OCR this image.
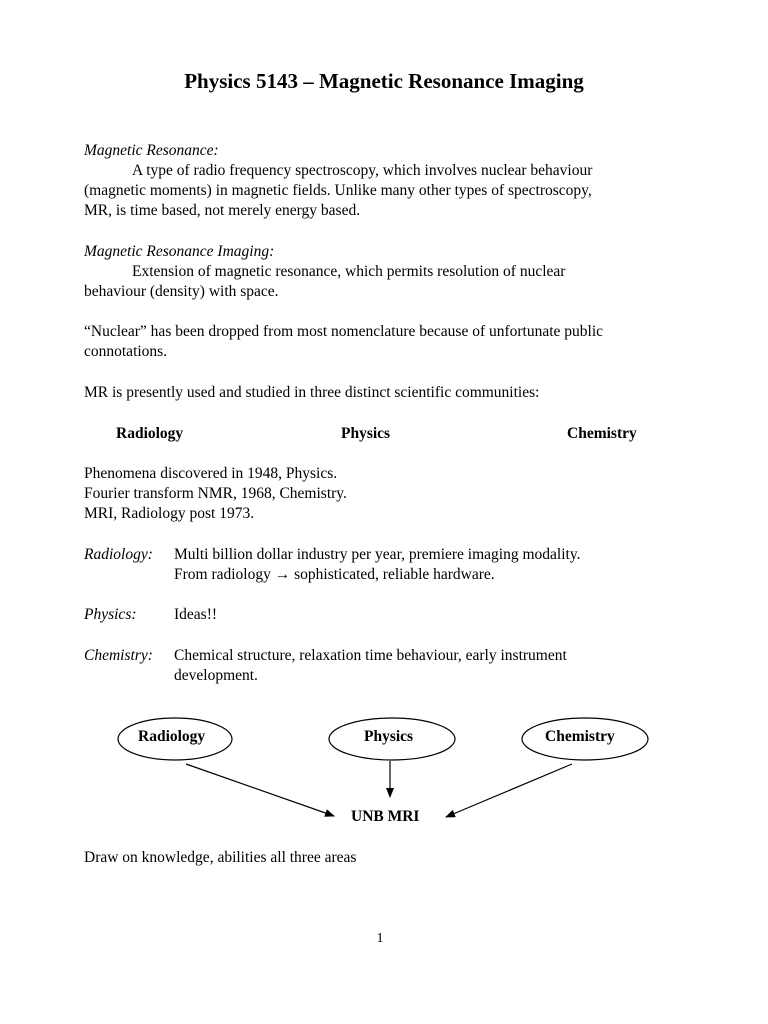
Physics 5143 – Magnetic Resonance Imaging
Magnetic Resonance:
A type of radio frequency spectroscopy, which involves nuclear behaviour
(magnetic moments) in magnetic fields. Unlike many other types of spectroscopy,
MR, is time based, not merely energy based.
Magnetic Resonance Imaging:
Extension of magnetic resonance, which permits resolution of nuclear
behaviour (density) with space.
“Nuclear” has been dropped from most nomenclature because of unfortunate public
connotations.
MR is presently used and studied in three distinct scientific communities:
Radiology	Physics	Chemistry
Phenomena discovered in 1948, Physics.
Fourier transform NMR, 1968, Chemistry.
MRI, Radiology post 1973.
Radiology: Multi billion dollar industry per year, premiere imaging modality.
From radiology → sophisticated, reliable hardware.
Physics: Ideas!!
Chemistry: Chemical structure, relaxation time behaviour, early instrument
development.
Radiology	Physics	Chemistry
UNB MRI
Draw on knowledge, abilities all three areas
1
